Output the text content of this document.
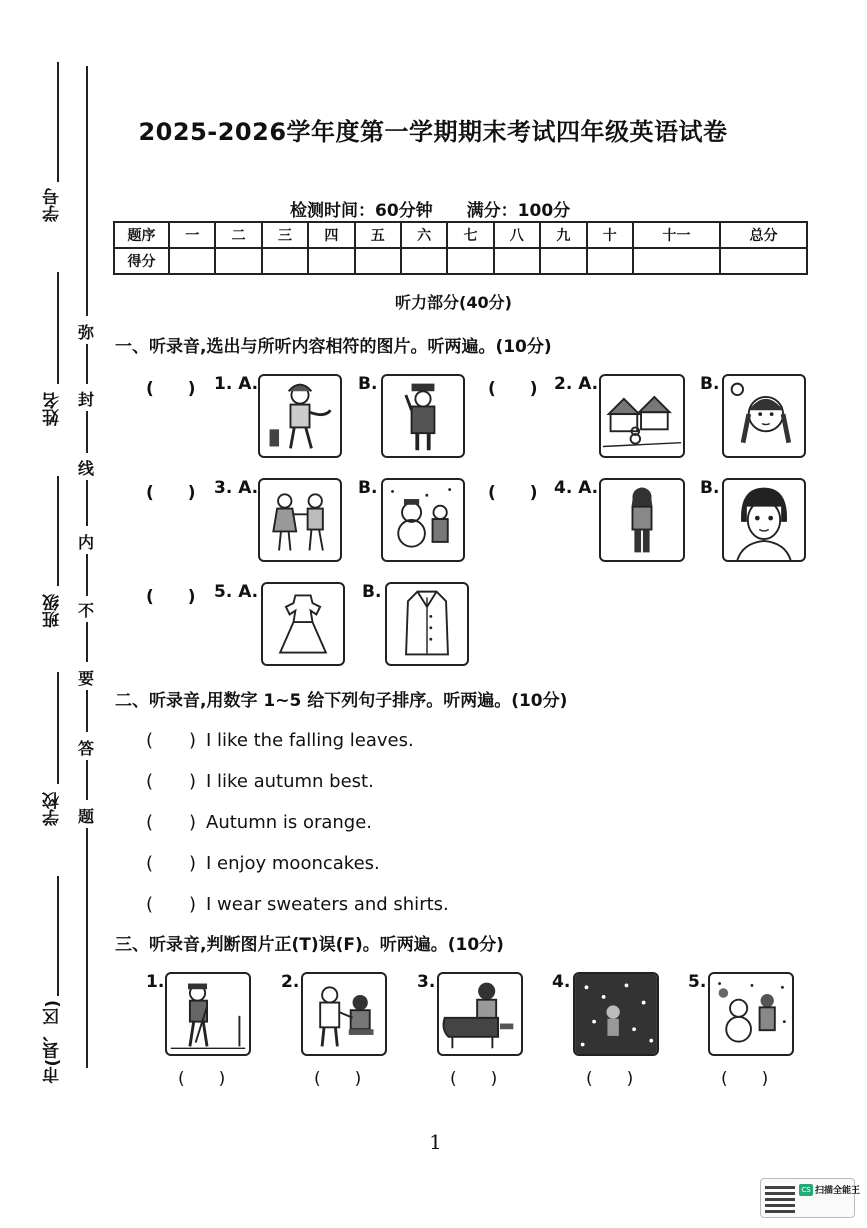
学号
姓名
班级
学校
市(县、区)
弥
封
线
内
不
要
答
题
2025-2026学年度第一学期期末考试四年级英语试卷
检测时间：60分钟 满分：100分
题序	一	二	三	四	五	六	七	八	九	十	十一	总分
得分												
听力部分(40分)
一、听录音,选出与所听内容相符的图片。听两遍。(10分)
(　　) 1. A.	B.	(　　) 2. A.	B.
(　　) 3. A.	B.	(　　) 4. A.	B.
(　　) 5. A.	B.
二、听录音,用数字 1~5 给下列句子排序。听两遍。(10分)
(　　) I like the falling leaves.
(　　) I like autumn best.
(　　) Autumn is orange.
(　　) I enjoy mooncakes.
(　　) I wear sweaters and shirts.
三、听录音,判断图片正(T)误(F)。听两遍。(10分)
1.
(　　)
2.
(　　)
3.
(　　)
4.
(　　)
5.
(　　)
1
CS 扫描全能王
